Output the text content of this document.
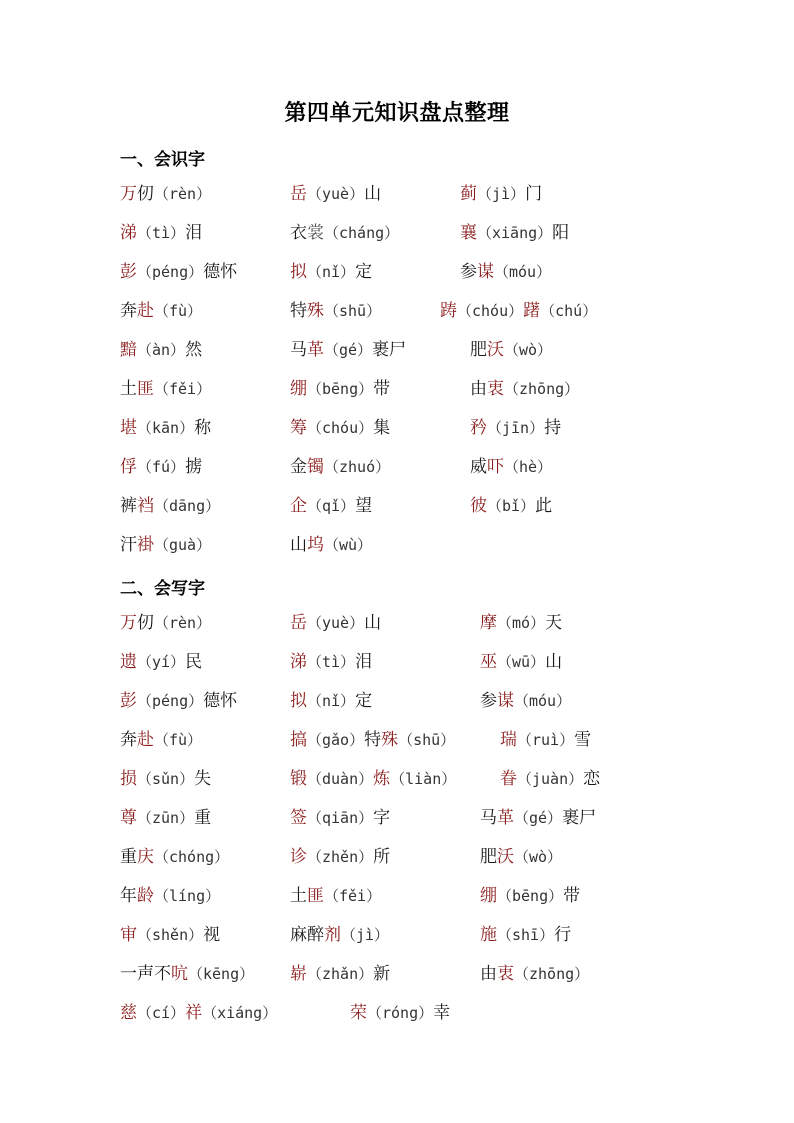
第四单元知识盘点整理
一、会识字
万仞（rèn）	岳（yuè）山	蓟（jì）门
涕（tì）泪	衣裳（cháng）	襄（xiāng）阳
彭（péng）德怀	拟（nǐ）定	参谋（móu）
奔赴（fù）	特殊（shū）	踌（chóu）躇（chú）
黯（àn）然	马革（gé）裹尸	肥沃（wò）
土匪（fěi）	绷（bēng）带	由衷（zhōng）
堪（kān）称	筹（chóu）集	矜（jīn）持
俘（fú）掳	金镯（zhuó）	威吓（hè）
裤裆（dāng）	企（qǐ）望	彼（bǐ）此
汗褂（guà）	山坞（wù）
二、会写字
万仞（rèn）	岳（yuè）山	摩（mó）天
遗（yí）民	涕（tì）泪	巫（wū）山
彭（péng）德怀	拟（nǐ）定	参谋（móu）
奔赴（fù）	搞（gǎo）特殊（shū）	瑞（ruì）雪
损（sǔn）失	锻（duàn）炼（liàn）	眷（juàn）恋
尊（zūn）重	签（qiān）字	马革（gé）裹尸
重庆（chóng）	诊（zhěn）所	肥沃（wò）
年龄（líng）	土匪（fěi）	绷（bēng）带
审（shěn）视	麻醉剂（jì）	施（shī）行
一声不吭（kēng） 崭（zhǎn）新	由衷（zhōng）
慈（cí）祥（xiáng）	荣（róng）幸
